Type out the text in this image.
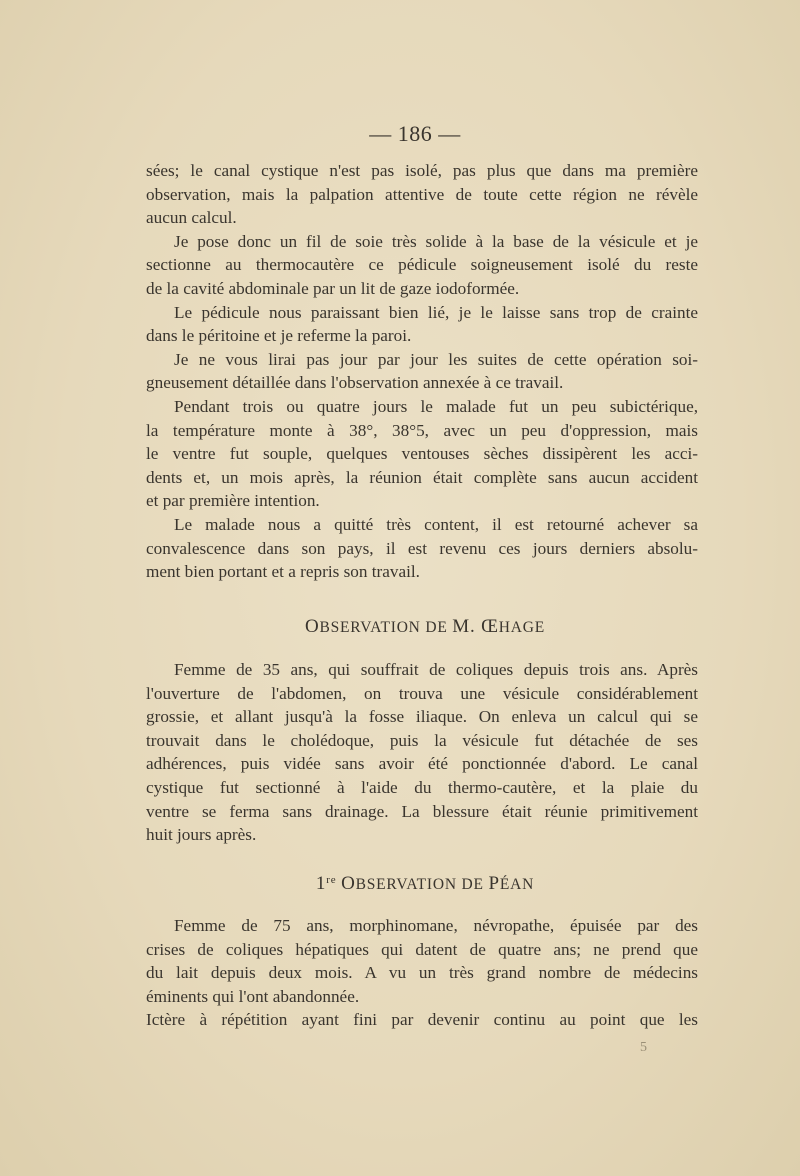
— 186 —
sées; le canal cystique n'est pas isolé, pas plus que dans ma première
observation, mais la palpation attentive de toute cette région ne révèle
aucun calcul.
Je pose donc un fil de soie très solide à la base de la vésicule et je
sectionne au thermocautère ce pédicule soigneusement isolé du reste
de la cavité abdominale par un lit de gaze iodoformée.
Le pédicule nous paraissant bien lié, je le laisse sans trop de crainte
dans le péritoine et je referme la paroi.
Je ne vous lirai pas jour par jour les suites de cette opération soi-
gneusement détaillée dans l'observation annexée à ce travail.
Pendant trois ou quatre jours le malade fut un peu subictérique,
la température monte à 38°, 38°5, avec un peu d'oppression, mais
le ventre fut souple, quelques ventouses sèches dissipèrent les acci-
dents et, un mois après, la réunion était complète sans aucun accident
et par première intention.
Le malade nous a quitté très content, il est retourné achever sa
convalescence dans son pays, il est revenu ces jours derniers absolu-
ment bien portant et a repris son travail.
OBSERVATION DE M. ŒHAGE
Femme de 35 ans, qui souffrait de coliques depuis trois ans. Après
l'ouverture de l'abdomen, on trouva une vésicule considérablement
grossie, et allant jusqu'à la fosse iliaque. On enleva un calcul qui se
trouvait dans le cholédoque, puis la vésicule fut détachée de ses
adhérences, puis vidée sans avoir été ponctionnée d'abord. Le canal
cystique fut sectionné à l'aide du thermo-cautère, et la plaie du
ventre se ferma sans drainage. La blessure était réunie primitivement
huit jours après.
1re OBSERVATION DE PÉAN
Femme de 75 ans, morphinomane, névropathe, épuisée par des
crises de coliques hépatiques qui datent de quatre ans; ne prend que
du lait depuis deux mois. A vu un très grand nombre de médecins
éminents qui l'ont abandonnée.
Ictère à répétition ayant fini par devenir continu au point que les
5
